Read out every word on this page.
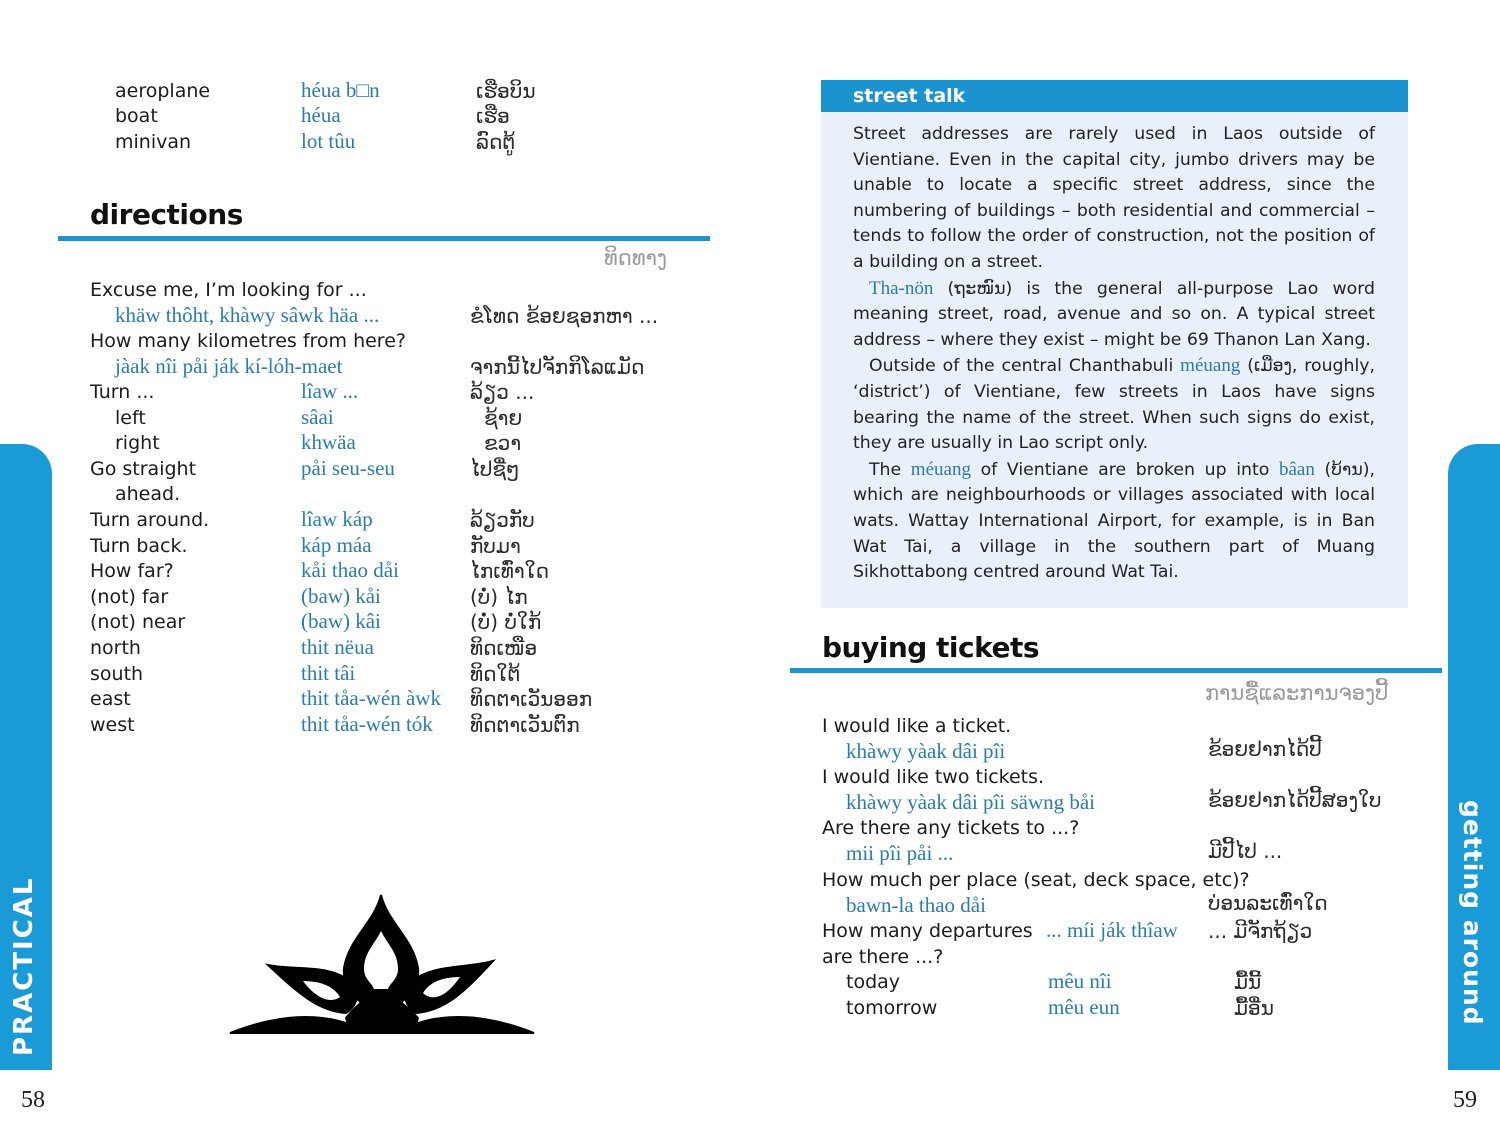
aeroplane	héua b□n	ເຮືອບິນ
boat	héua	ເຮືອ
minivan	lot tûu	ລົດຕູ້
directions
ທິດທາງ
Excuse me, I’m looking for ...
khäw thôht, khàwy sâwk häa ...	ຂໍໂທດ ຂ້ອຍຊອກຫາ ...
How many kilometres from here?
jàak nîi påi ják kí-lóh-maet	ຈາກນີ້ໄປຈັກກິໂລແມັດ
Turn ...	lîaw ...	ລ້ຽວ ...
left	sâai	ຊ້າຍ
right	khwäa	ຂວາ
Go straight	påi seu-seu	ໄປຊື່ໆ
ahead.
Turn around.	lîaw káp	ລ້ຽວກັບ
Turn back.	káp máa	ກັບມາ
How far?	kåi thao dåi	ໄກເທົ່າໃດ
(not) far	(baw) kåi	(ບໍ່) ໄກ
(not) near	(baw) kâi	(ບໍ່) ບໍ່ໃກ້
north	thit nëua	ທິດເໜືອ
south	thit tâi	ທິດໃຕ້
east	thit tåa-wén àwk ທິດຕາເວັນອອກ
west	thit tåa-wén tók ທິດຕາເວັນຕົກ
PRACTICAL
58
street talk

Street addresses are rarely used in Laos outside of Vientiane. Even in the capital city, jumbo drivers may be unable to locate a specific street address, since the numbering of buildings – both residential and commercial – tends to follow the order of construction, not the position of a building on a street.

Tha-nön (ຖະໜົນ) is the general all-purpose Lao word meaning street, road, avenue and so on. A typical street address – where they exist – might be 69 Thanon Lan Xang.

Outside of the central Chanthabuli méuang (ເມືອງ, roughly, ‘district’) of Vientiane, few streets in Laos have signs bearing the name of the street. When such signs do exist, they are usually in Lao script only.

The méuang of Vientiane are broken up into bâan (ບ້ານ), which are neighbourhoods or villages associated with local wats. Wattay International Airport, for example, is in Ban Wat Tai, a village in the southern part of Muang Sikhottabong centred around Wat Tai.

buying tickets
ການຊື້ແລະການຈອງປີ້
I would like a ticket.
khàwy yàak dâi pîi	ຂ້ອຍຢາກໄດ້ປີ້
I would like two tickets.
khàwy yàak dâi pîi säwng båi	ຂ້ອຍຢາກໄດ້ປີ້ສອງໃບ
Are there any tickets to ...?
mii pîi påi ...	ມີປີ້ໄປ ...
How much per place (seat, deck space, etc)?
bawn-la thao dåi	ບ່ອນລະເທົ່າໃດ
How many departures ... míi ják thîaw ... ມີຈັກຖ້ຽວ
are there ...?
today	mêu nîi	ມື້ນີ້
tomorrow	mêu eun	ມື້ອື່ນ	getting around
59
